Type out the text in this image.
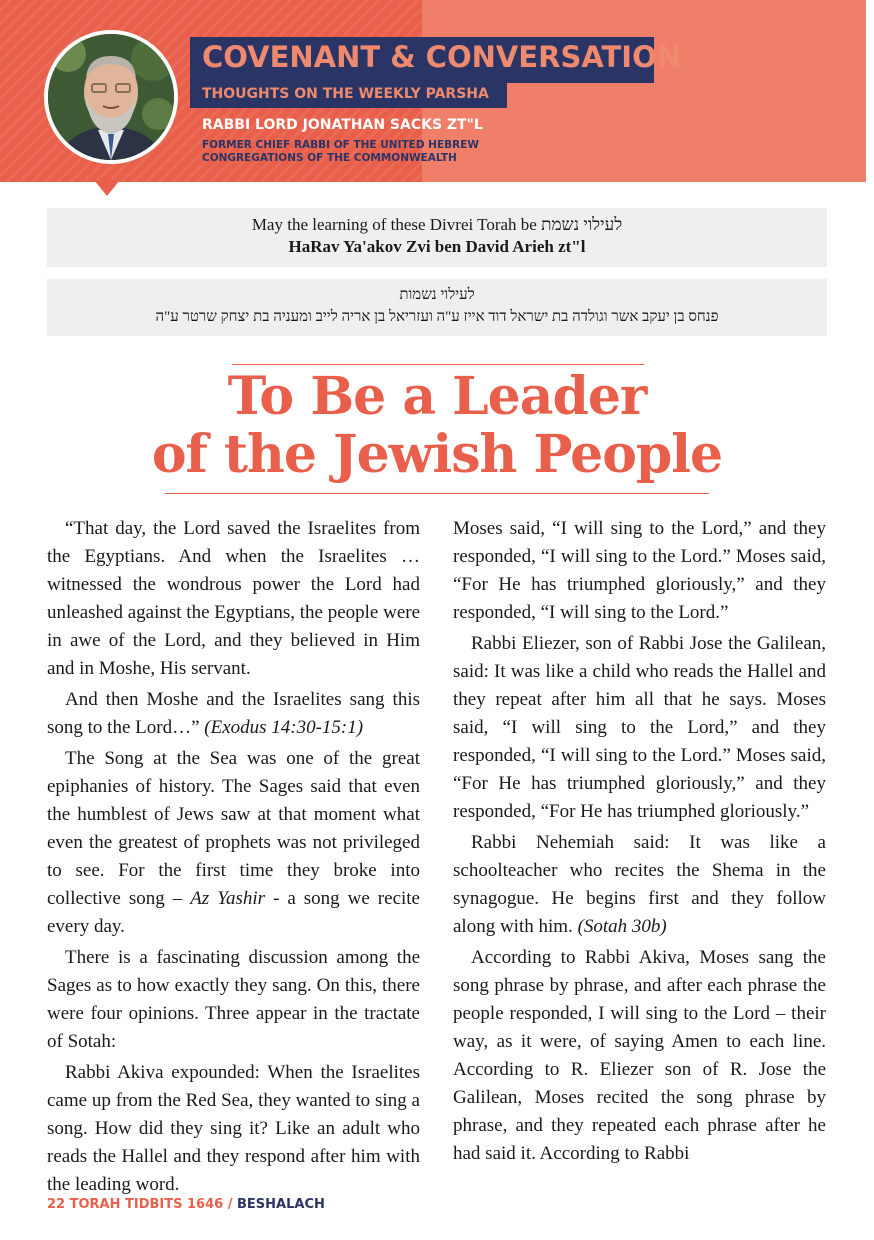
COVENANT & CONVERSATION
THOUGHTS ON THE WEEKLY PARSHA
RABBI LORD JONATHAN SACKS ZT"L
FORMER CHIEF RABBI OF THE UNITED HEBREW CONGREGATIONS OF THE COMMONWEALTH
May the learning of these Divrei Torah be לעילוי נשמת
HaRav Ya'akov Zvi ben David Arieh zt"l
לעילוי נשמות
פנחס בן יעקב אשר וגולדה בת ישראל דוד אייז ע"ה ועזריאל בן אריה לייב ומעניה בת יצחק שרטר ע"ה
To Be a Leader
of the Jewish People

“That day, the Lord saved the Israelites from the Egyptians. And when the Israelites … witnessed the wondrous power the Lord had unleashed against the Egyptians, the people were in awe of the Lord, and they believed in Him and in Moshe, His servant.

And then Moshe and the Israelites sang this song to the Lord…” (Exodus 14:30-15:1)

The Song at the Sea was one of the great epiphanies of history. The Sages said that even the humblest of Jews saw at that moment what even the greatest of prophets was not privileged to see. For the first time they broke into collective song – Az Yashir - a song we recite every day.

There is a fascinating discussion among the Sages as to how exactly they sang. On this, there were four opinions. Three appear in the tractate of Sotah:

Rabbi Akiva expounded: When the Israelites came up from the Red Sea, they wanted to sing a song. How did they sing it? Like an adult who reads the Hallel and they respond after him with the leading word.

Moses said, “I will sing to the Lord,” and they responded, “I will sing to the Lord.” Moses said, “For He has triumphed gloriously,” and they responded, “I will sing to the Lord.”

Rabbi Eliezer, son of Rabbi Jose the Galilean, said: It was like a child who reads the Hallel and they repeat after him all that he says. Moses said, “I will sing to the Lord,” and they responded, “I will sing to the Lord.” Moses said, “For He has triumphed gloriously,” and they responded, “For He has triumphed gloriously.”

Rabbi Nehemiah said: It was like a schoolteacher who recites the Shema in the synagogue. He begins first and they follow along with him. (Sotah 30b)

According to Rabbi Akiva, Moses sang the song phrase by phrase, and after each phrase the people responded, I will sing to the Lord – their way, as it were, of saying Amen to each line. According to R. Eliezer son of R. Jose the Galilean, Moses recited the song phrase by phrase, and they repeated each phrase after he had said it. According to Rabbi

22 TORAH TIDBITS 1646 / BESHALACH
